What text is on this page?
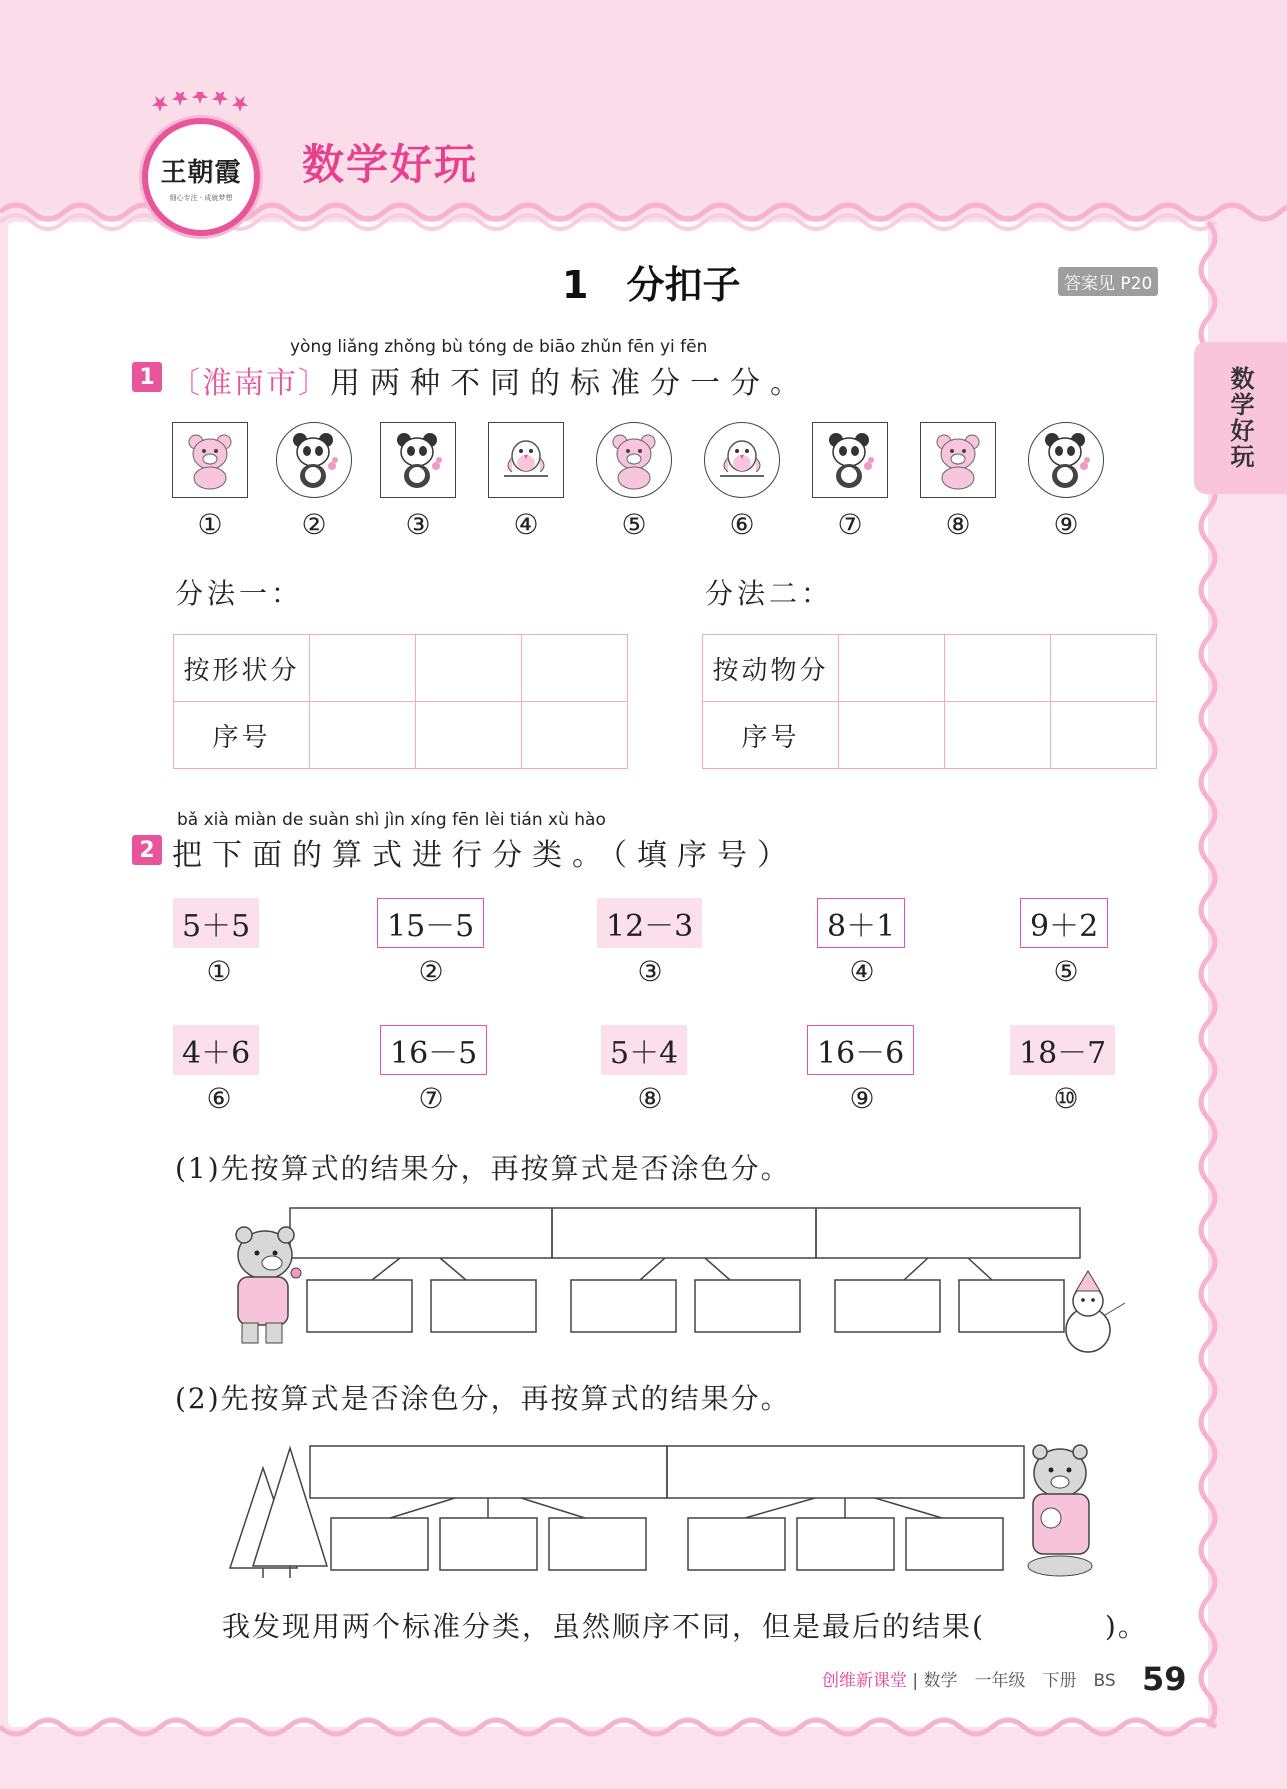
王朝霞
细心专注 · 成就梦想
数学好玩
1　分扣子	答案见 P20
数学好玩
yòng liǎng zhǒng bù tóng de biāo zhǔn fēn yi fēn
1 〔淮南市〕用两种不同的标准分一分。
①	②	③	④	⑤	⑥	⑦	⑧	⑨
分法一：	分法二：
按形状分			
序号			
按动物分			
序号			
bǎ xià miàn de suàn shì jìn xíng fēn lèi tián xù hào
2 把下面的算式进行分类。（填序号）
5＋5
①
15－5
②
12－3
③
8＋1
④
9＋2
⑤
4＋6
⑥
16－5
⑦
5＋4
⑧
16－6
⑨
18－7
⑩
(1)先按算式的结果分，再按算式是否涂色分。
(2)先按算式是否涂色分，再按算式的结果分。
我发现用两个标准分类，虽然顺序不同，但是最后的结果(　　　　)。
创维新课堂 | 数学　一年级　下册　BS 59
